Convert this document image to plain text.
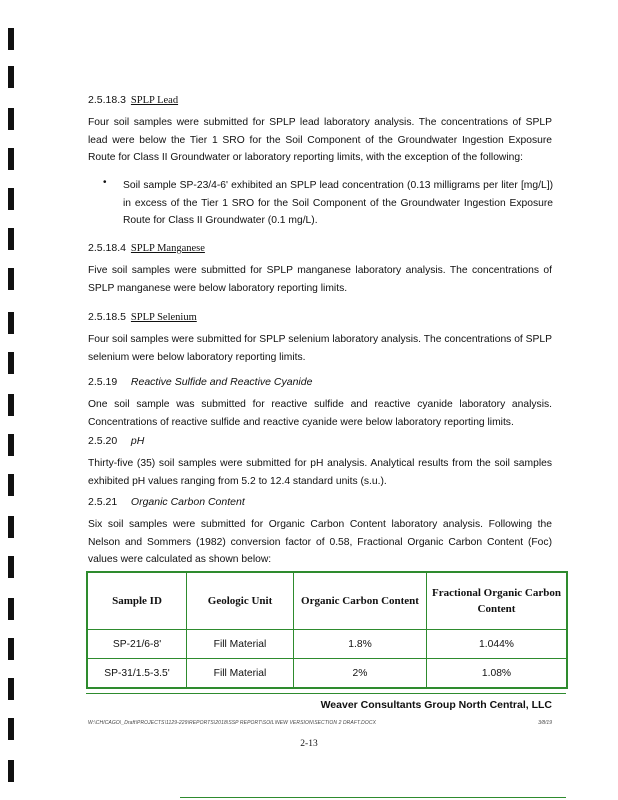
2.5.18.3 SPLP Lead
Four soil samples were submitted for SPLP lead laboratory analysis. The concentrations of SPLP lead were below the Tier 1 SRO for the Soil Component of the Groundwater Ingestion Exposure Route for Class II Groundwater or laboratory reporting limits, with the exception of the following:
• Soil sample SP-23/4-6' exhibited an SPLP lead concentration (0.13 milligrams per liter [mg/L]) in excess of the Tier 1 SRO for the Soil Component of the Groundwater Ingestion Exposure Route for Class II Groundwater (0.1 mg/L).
2.5.18.4 SPLP Manganese
Five soil samples were submitted for SPLP manganese laboratory analysis. The concentrations of SPLP manganese were below laboratory reporting limits.
2.5.18.5 SPLP Selenium
Four soil samples were submitted for SPLP selenium laboratory analysis. The concentrations of SPLP selenium were below laboratory reporting limits.
2.5.19 Reactive Sulfide and Reactive Cyanide
One soil sample was submitted for reactive sulfide and reactive cyanide laboratory analysis. Concentrations of reactive sulfide and reactive cyanide were below laboratory reporting limits.
2.5.20 pH
Thirty-five (35) soil samples were submitted for pH analysis. Analytical results from the soil samples exhibited pH values ranging from 5.2 to 12.4 standard units (s.u.).
2.5.21 Organic Carbon Content
Six soil samples were submitted for Organic Carbon Content laboratory analysis. Following the Nelson and Sommers (1982) conversion factor of 0.58, Fractional Organic Carbon Content (Foc) values were calculated as shown below:
Sample ID	Geologic Unit	Organic Carbon Content	Fractional Organic Carbon Content
SP-21/6-8'	Fill Material	1.8%	1.044%
SP-31/1.5-3.5'	Fill Material	2%	1.08%
Weaver Consultants Group North Central, LLC
W:\CHICAGO\_Draft\PROJECTS\1129-229\REPORTS\2018\SSP REPORT\SOIL\NEW VERSION\SECTION 2 DRAFT.DOCX	3/8/19
2-13
